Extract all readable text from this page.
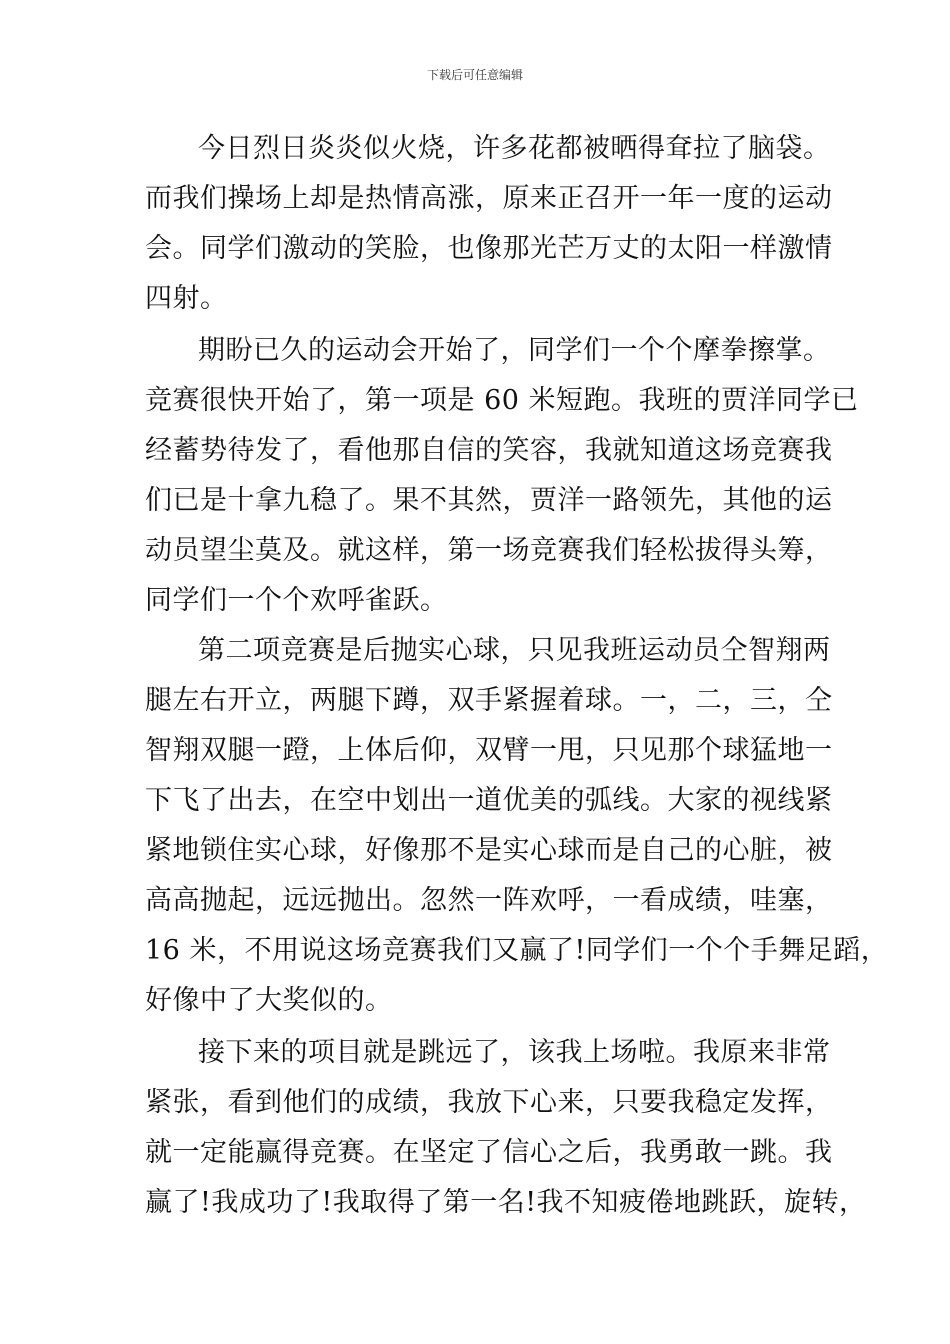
下载后可任意编辑
今日烈日炎炎似火烧，许多花都被晒得耷拉了脑袋。
而我们操场上却是热情高涨，原来正召开一年一度的运动
会。同学们激动的笑脸，也像那光芒万丈的太阳一样激情
四射。
期盼已久的运动会开始了，同学们一个个摩拳擦掌。
竞赛很快开始了，第一项是 60 米短跑。我班的贾洋同学已
经蓄势待发了，看他那自信的笑容，我就知道这场竞赛我
们已是十拿九稳了。果不其然，贾洋一路领先，其他的运
动员望尘莫及。就这样，第一场竞赛我们轻松拔得头筹，
同学们一个个欢呼雀跃。
第二项竞赛是后抛实心球，只见我班运动员仝智翔两
腿左右开立，两腿下蹲，双手紧握着球。一，二，三，仝
智翔双腿一蹬，上体后仰，双臂一甩，只见那个球猛地一
下飞了出去，在空中划出一道优美的弧线。大家的视线紧
紧地锁住实心球，好像那不是实心球而是自己的心脏，被
高高抛起，远远抛出。忽然一阵欢呼，一看成绩，哇塞，
16 米，不用说这场竞赛我们又赢了!同学们一个个手舞足蹈，
好像中了大奖似的。
接下来的项目就是跳远了，该我上场啦。我原来非常
紧张，看到他们的成绩，我放下心来，只要我稳定发挥，
就一定能赢得竞赛。在坚定了信心之后，我勇敢一跳。我
赢了!我成功了!我取得了第一名!我不知疲倦地跳跃，旋转，
